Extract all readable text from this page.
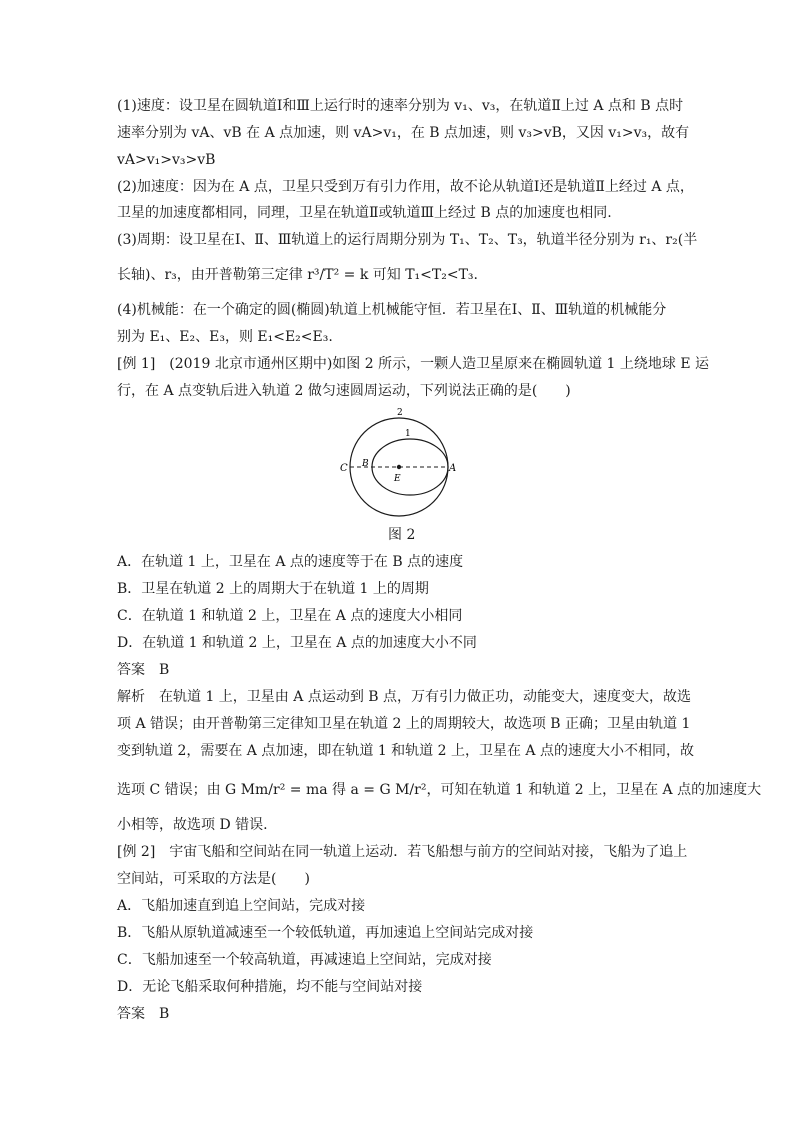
(1)速度：设卫星在圆轨道Ⅰ和Ⅲ上运行时的速率分别为 v₁、v₃，在轨道Ⅱ上过 A 点和 B 点时
速率分别为 vA、vB 在 A 点加速，则 vA>v₁，在 B 点加速，则 v₃>vB，又因 v₁>v₃，故有
vA>v₁>v₃>vB
(2)加速度：因为在 A 点，卫星只受到万有引力作用，故不论从轨道Ⅰ还是轨道Ⅱ上经过 A 点，
卫星的加速度都相同，同理，卫星在轨道Ⅱ或轨道Ⅲ上经过 B 点的加速度也相同.
(3)周期：设卫星在Ⅰ、Ⅱ、Ⅲ轨道上的运行周期分别为 T₁、T₂、T₃，轨道半径分别为 r₁、r₂(半
长轴)、r₃，由开普勒第三定律 r³/T² = k 可知 T₁<T₂<T₃.
(4)机械能：在一个确定的圆(椭圆)轨道上机械能守恒．若卫星在Ⅰ、Ⅱ、Ⅲ轨道的机械能分
别为 E₁、E₂、E₃，则 E₁<E₂<E₃.
[例 1]　(2019 北京市通州区期中)如图 2 所示，一颗人造卫星原来在椭圆轨道 1 上绕地球 E 运
行，在 A 点变轨后进入轨道 2 做匀速圆周运动，下列说法正确的是(　　)
2
1
C B	A
E
图 2
A．在轨道 1 上，卫星在 A 点的速度等于在 B 点的速度
B．卫星在轨道 2 上的周期大于在轨道 1 上的周期
C．在轨道 1 和轨道 2 上，卫星在 A 点的速度大小相同
D．在轨道 1 和轨道 2 上，卫星在 A 点的加速度大小不同
答案　B
解析　在轨道 1 上，卫星由 A 点运动到 B 点，万有引力做正功，动能变大，速度变大，故选
项 A 错误；由开普勒第三定律知卫星在轨道 2 上的周期较大，故选项 B 正确；卫星由轨道 1
变到轨道 2，需要在 A 点加速，即在轨道 1 和轨道 2 上，卫星在 A 点的速度大小不相同，故
选项 C 错误；由 G Mm/r² = ma 得 a = G M/r²，可知在轨道 1 和轨道 2 上，卫星在 A 点的加速度大
小相等，故选项 D 错误.
[例 2]　宇宙飞船和空间站在同一轨道上运动．若飞船想与前方的空间站对接，飞船为了追上
空间站，可采取的方法是(　　)
A．飞船加速直到追上空间站，完成对接
B．飞船从原轨道减速至一个较低轨道，再加速追上空间站完成对接
C．飞船加速至一个较高轨道，再减速追上空间站，完成对接
D．无论飞船采取何种措施，均不能与空间站对接
答案　B
